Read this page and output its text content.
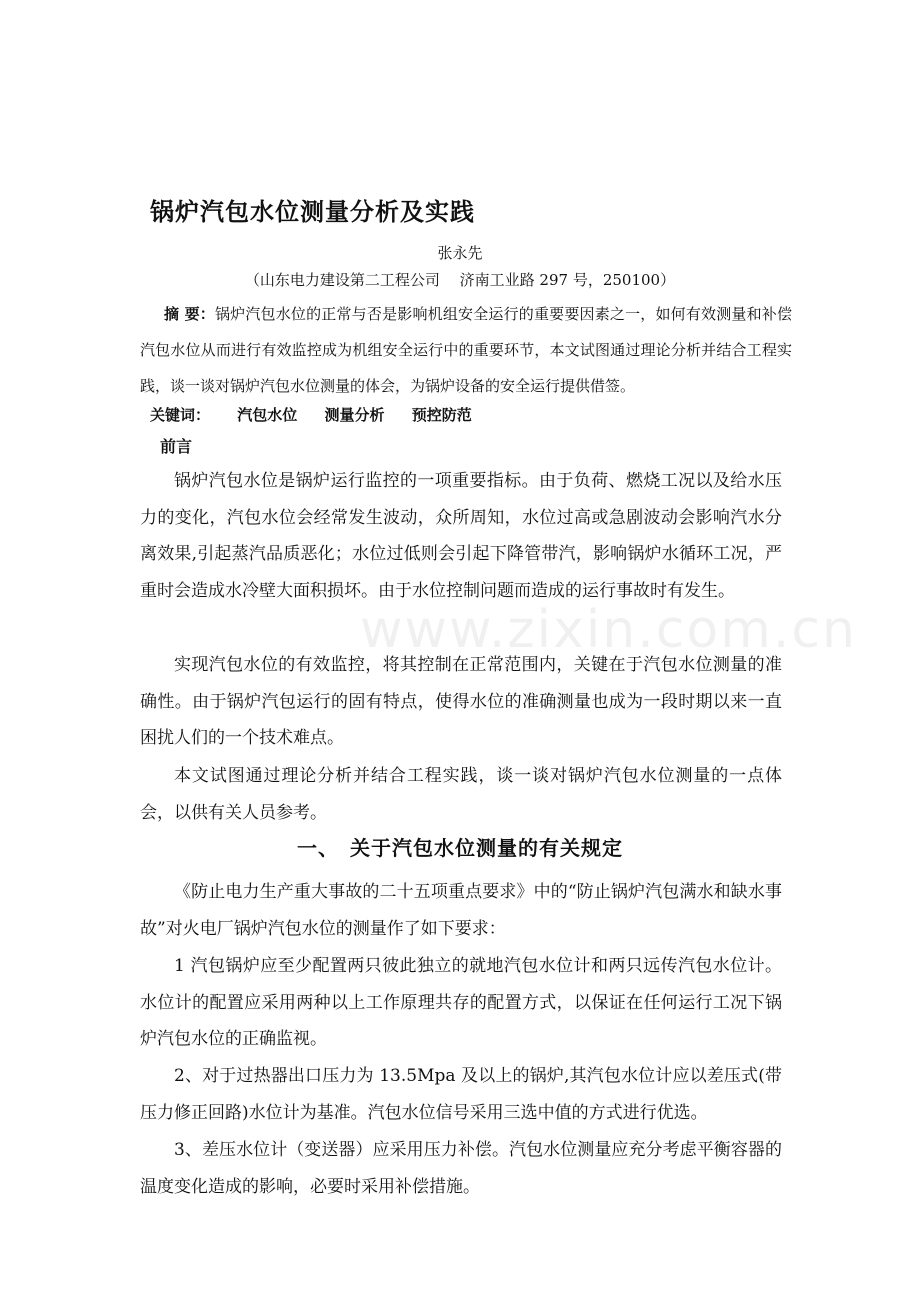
www.zixin.com.cn
锅炉汽包水位测量分析及实践
张永先
（山东电力建设第二工程公司　 济南工业路 297 号，250100）
摘 要：锅炉汽包水位的正常与否是影响机组安全运行的重要要因素之一，如何有效测量和补偿汽包水位从而进行有效监控成为机组安全运行中的重要环节，本文试图通过理论分析并结合工程实践，谈一谈对锅炉汽包水位测量的体会，为锅炉设备的安全运行提供借签。
关键词： 汽包水位 测量分析 预控防范
前言

锅炉汽包水位是锅炉运行监控的一项重要指标。由于负荷、燃烧工况以及给水压力的变化，汽包水位会经常发生波动，众所周知，水位过高或急剧波动会影响汽水分离效果,引起蒸汽品质恶化；水位过低则会引起下降管带汽，影响锅炉水循环工况，严重时会造成水冷壁大面积损坏。由于水位控制问题而造成的运行事故时有发生。

实现汽包水位的有效监控，将其控制在正常范围内，关键在于汽包水位测量的准确性。由于锅炉汽包运行的固有特点，使得水位的准确测量也成为一段时期以来一直困扰人们的一个技术难点。

本文试图通过理论分析并结合工程实践，谈一谈对锅炉汽包水位测量的一点体会，以供有关人员参考。

一、　关于汽包水位测量的有关规定

《防止电力生产重大事故的二十五项重点要求》中的“防止锅炉汽包满水和缺水事故”对火电厂锅炉汽包水位的测量作了如下要求：

1 汽包锅炉应至少配置两只彼此独立的就地汽包水位计和两只远传汽包水位计。水位计的配置应采用两种以上工作原理共存的配置方式，以保证在任何运行工况下锅炉汽包水位的正确监视。

2、对于过热器出口压力为 13.5Mpa 及以上的锅炉,其汽包水位计应以差压式(带压力修正回路)水位计为基准。汽包水位信号采用三选中值的方式进行优选。

3、差压水位计（变送器）应采用压力补偿。汽包水位测量应充分考虑平衡容器的温度变化造成的影响，必要时采用补偿措施。
